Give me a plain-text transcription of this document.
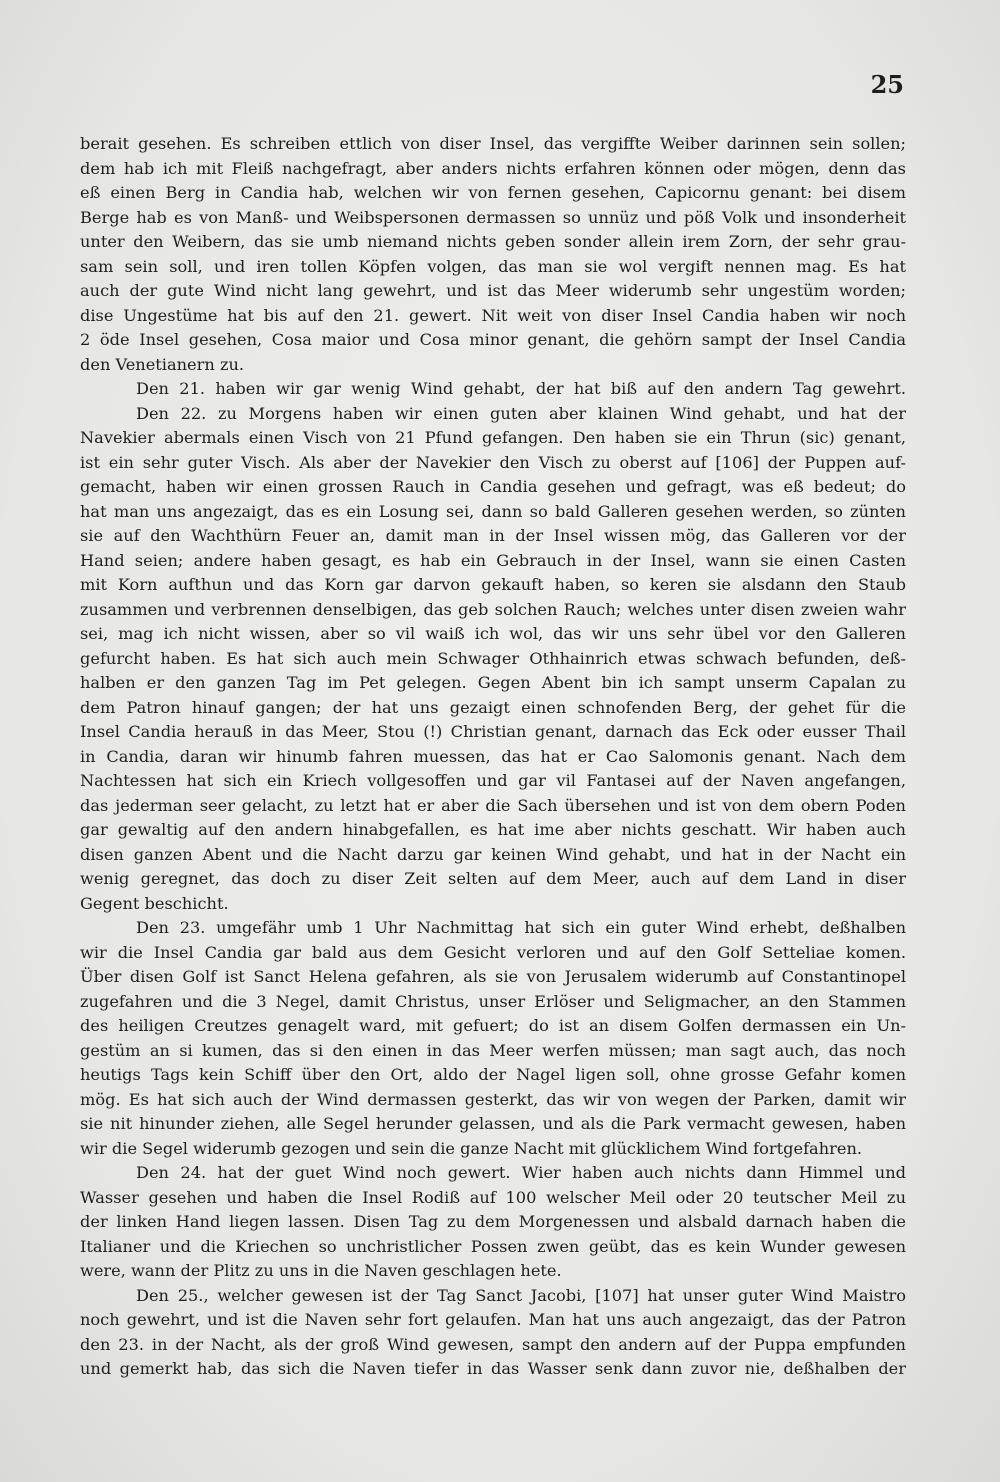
25
berait gesehen. Es schreiben ettlich von diser Insel, das vergiffte Weiber darinnen sein sollen;
dem hab ich mit Fleiß nachgefragt, aber anders nichts erfahren können oder mögen, denn das
eß einen Berg in Candia hab, welchen wir von fernen gesehen, Capicornu genant: bei disem
Berge hab es von Manß- und Weibspersonen dermassen so unnüz und pöß Volk und insonderheit
unter den Weibern, das sie umb niemand nichts geben sonder allein irem Zorn, der sehr grau-
sam sein soll, und iren tollen Köpfen volgen, das man sie wol vergift nennen mag. Es hat
auch der gute Wind nicht lang gewehrt, und ist das Meer widerumb sehr ungestüm worden;
dise Ungestüme hat bis auf den 21. gewert. Nit weit von diser Insel Candia haben wir noch
2 öde Insel gesehen, Cosa maior und Cosa minor genant, die gehörn sampt der Insel Candia
den Venetianern zu.
Den 21. haben wir gar wenig Wind gehabt, der hat biß auf den andern Tag gewehrt.
Den 22. zu Morgens haben wir einen guten aber klainen Wind gehabt, und hat der
Navekier abermals einen Visch von 21 Pfund gefangen. Den haben sie ein Thrun (sic) genant,
ist ein sehr guter Visch. Als aber der Navekier den Visch zu oberst auf [106] der Puppen auf-
gemacht, haben wir einen grossen Rauch in Candia gesehen und gefragt, was eß bedeut; do
hat man uns angezaigt, das es ein Losung sei, dann so bald Galleren gesehen werden, so zünten
sie auf den Wachthürn Feuer an, damit man in der Insel wissen mög, das Galleren vor der
Hand seien; andere haben gesagt, es hab ein Gebrauch in der Insel, wann sie einen Casten
mit Korn aufthun und das Korn gar darvon gekauft haben, so keren sie alsdann den Staub
zusammen und verbrennen denselbigen, das geb solchen Rauch; welches unter disen zweien wahr
sei, mag ich nicht wissen, aber so vil waiß ich wol, das wir uns sehr übel vor den Galleren
gefurcht haben. Es hat sich auch mein Schwager Othhainrich etwas schwach befunden, deß-
halben er den ganzen Tag im Pet gelegen. Gegen Abent bin ich sampt unserm Capalan zu
dem Patron hinauf gangen; der hat uns gezaigt einen schnofenden Berg, der gehet für die
Insel Candia herauß in das Meer, Stou (!) Christian genant, darnach das Eck oder eusser Thail
in Candia, daran wir hinumb fahren muessen, das hat er Cao Salomonis genant. Nach dem
Nachtessen hat sich ein Kriech vollgesoffen und gar vil Fantasei auf der Naven angefangen,
das jederman seer gelacht, zu letzt hat er aber die Sach übersehen und ist von dem obern Poden
gar gewaltig auf den andern hinabgefallen, es hat ime aber nichts geschatt. Wir haben auch
disen ganzen Abent und die Nacht darzu gar keinen Wind gehabt, und hat in der Nacht ein
wenig geregnet, das doch zu diser Zeit selten auf dem Meer, auch auf dem Land in diser
Gegent beschicht.
Den 23. umgefähr umb 1 Uhr Nachmittag hat sich ein guter Wind erhebt, deßhalben
wir die Insel Candia gar bald aus dem Gesicht verloren und auf den Golf Setteliae komen.
Über disen Golf ist Sanct Helena gefahren, als sie von Jerusalem widerumb auf Constantinopel
zugefahren und die 3 Negel, damit Christus, unser Erlöser und Seligmacher, an den Stammen
des heiligen Creutzes genagelt ward, mit gefuert; do ist an disem Golfen dermassen ein Un-
gestüm an si kumen, das si den einen in das Meer werfen müssen; man sagt auch, das noch
heutigs Tags kein Schiff über den Ort, aldo der Nagel ligen soll, ohne grosse Gefahr komen
mög. Es hat sich auch der Wind dermassen gesterkt, das wir von wegen der Parken, damit wir
sie nit hinunder ziehen, alle Segel herunder gelassen, und als die Park vermacht gewesen, haben
wir die Segel widerumb gezogen und sein die ganze Nacht mit glücklichem Wind fortgefahren.
Den 24. hat der guet Wind noch gewert. Wier haben auch nichts dann Himmel und
Wasser gesehen und haben die Insel Rodiß auf 100 welscher Meil oder 20 teutscher Meil zu
der linken Hand liegen lassen. Disen Tag zu dem Morgenessen und alsbald darnach haben die
Italianer und die Kriechen so unchristlicher Possen zwen geübt, das es kein Wunder gewesen
were, wann der Plitz zu uns in die Naven geschlagen hete.
Den 25., welcher gewesen ist der Tag Sanct Jacobi, [107] hat unser guter Wind Maistro
noch gewehrt, und ist die Naven sehr fort gelaufen. Man hat uns auch angezaigt, das der Patron
den 23. in der Nacht, als der groß Wind gewesen, sampt den andern auf der Puppa empfunden
und gemerkt hab, das sich die Naven tiefer in das Wasser senk dann zuvor nie, deßhalben der
